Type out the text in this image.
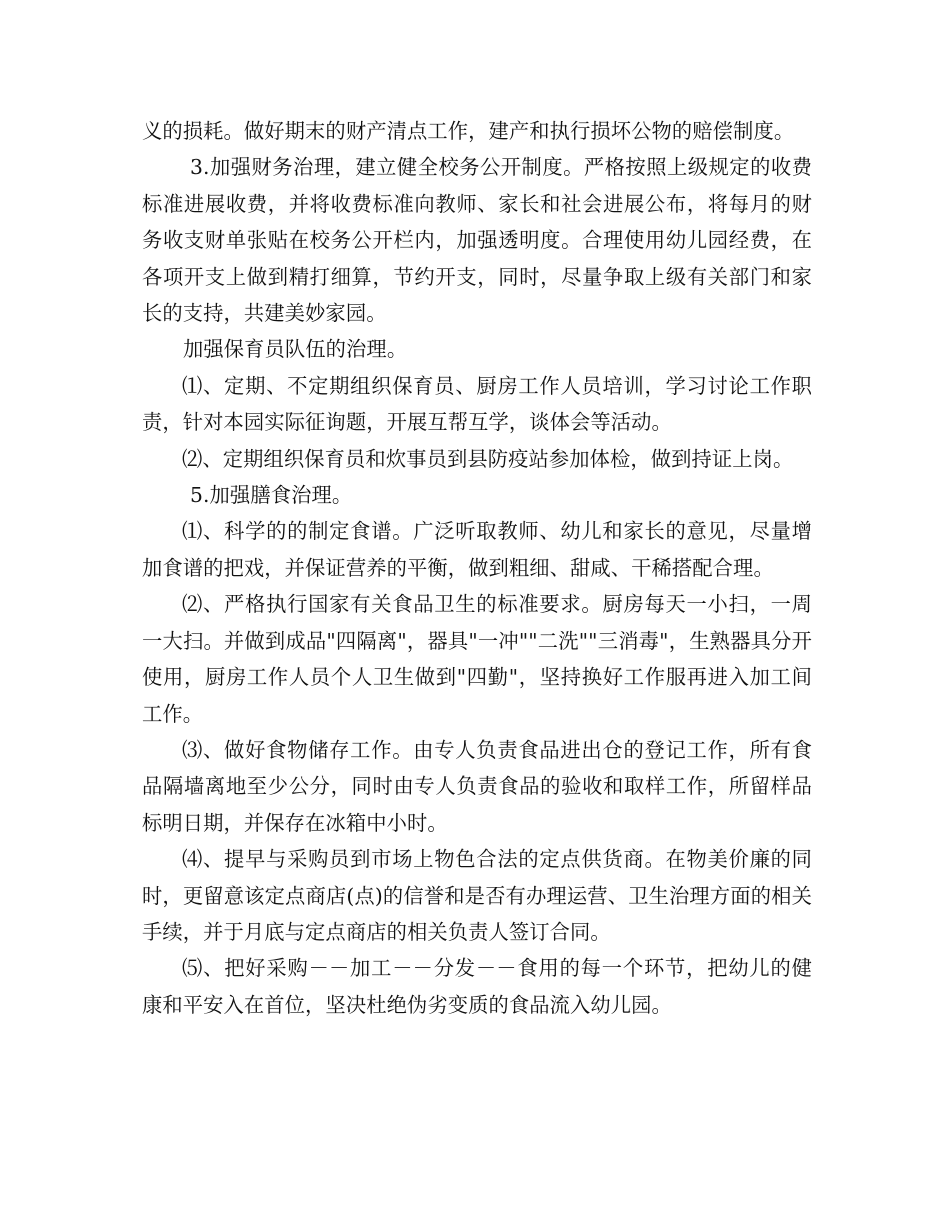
义的损耗。做好期末的财产清点工作，建产和执行损坏公物的赔偿制度。

3.加强财务治理，建立健全校务公开制度。严格按照上级规定的收费标准进展收费，并将收费标准向教师、家长和社会进展公布，将每月的财务收支财单张贴在校务公开栏内，加强透明度。合理使用幼儿园经费，在各项开支上做到精打细算，节约开支，同时，尽量争取上级有关部门和家长的支持，共建美妙家园。

加强保育员队伍的治理。

⑴、定期、不定期组织保育员、厨房工作人员培训，学习讨论工作职责，针对本园实际征询题，开展互帮互学，谈体会等活动。

⑵、定期组织保育员和炊事员到县防疫站参加体检，做到持证上岗。

5.加强膳食治理。

⑴、科学的的制定食谱。广泛听取教师、幼儿和家长的意见，尽量增加食谱的把戏，并保证营养的平衡，做到粗细、甜咸、干稀搭配合理。

⑵、严格执行国家有关食品卫生的标准要求。厨房每天一小扫，一周一大扫。并做到成品"四隔离"，器具"一冲""二洗""三消毒"，生熟器具分开使用，厨房工作人员个人卫生做到"四勤"，坚持换好工作服再进入加工间工作。

⑶、做好食物储存工作。由专人负责食品进出仓的登记工作，所有食品隔墙离地至少公分，同时由专人负责食品的验收和取样工作，所留样品标明日期，并保存在冰箱中小时。

⑷、提早与采购员到市场上物色合法的定点供货商。在物美价廉的同时，更留意该定点商店(点)的信誉和是否有办理运营、卫生治理方面的相关手续，并于月底与定点商店的相关负责人签订合同。

⑸、把好采购－－加工－－分发－－食用的每一个环节，把幼儿的健康和平安入在首位，坚决杜绝伪劣变质的食品流入幼儿园。
